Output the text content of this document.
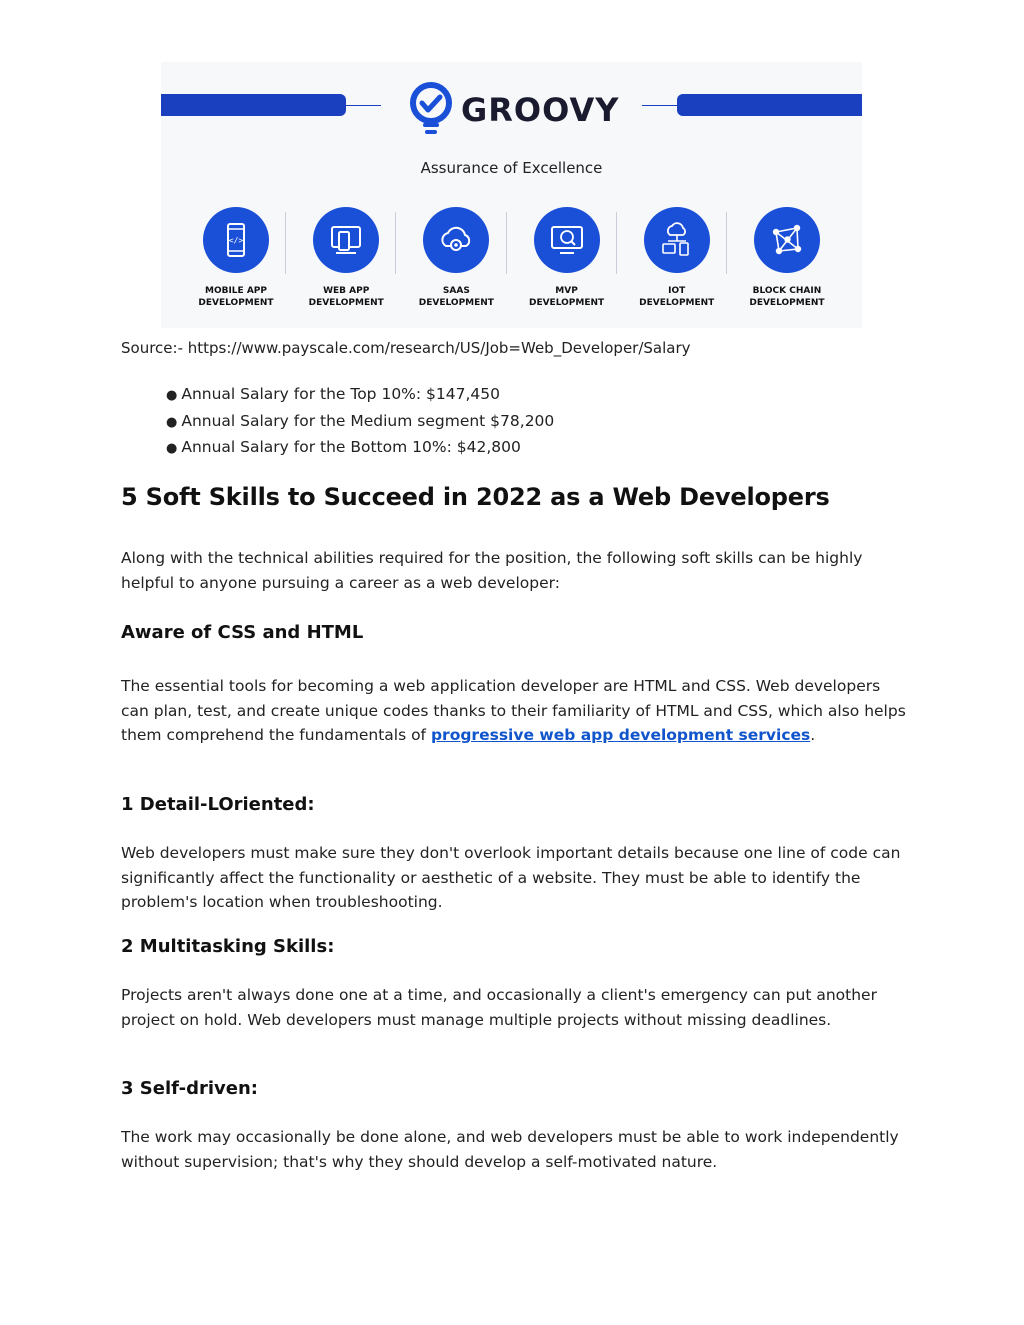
GROOVY
Assurance of Excellence
</>
MOBILE APP
DEVELOPMENT
WEB APP
DEVELOPMENT
SAAS
DEVELOPMENT
MVP
DEVELOPMENT
IOT
DEVELOPMENT
BLOCK CHAIN
DEVELOPMENT
Source:- https://www.payscale.com/research/US/Job=Web_Developer/Salary
● Annual Salary for the Top 10%: $147,450
● Annual Salary for the Medium segment $78,200
● Annual Salary for the Bottom 10%: $42,800
5 Soft Skills to Succeed in 2022 as a Web Developers

Along with the technical abilities required for the position, the following soft skills can be highly helpful to anyone pursuing a career as a web developer:

Aware of CSS and HTML

The essential tools for becoming a web application developer are HTML and CSS. Web developers can plan, test, and create unique codes thanks to their familiarity of HTML and CSS, which also helps them comprehend the fundamentals of progressive web app development services.

1 Detail-LOriented:

Web developers must make sure they don't overlook important details because one line of code can significantly affect the functionality or aesthetic of a website. They must be able to identify the problem's location when troubleshooting.

2 Multitasking Skills:

Projects aren't always done one at a time, and occasionally a client's emergency can put another project on hold. Web developers must manage multiple projects without missing deadlines.

3 Self-driven:

The work may occasionally be done alone, and web developers must be able to work independently without supervision; that's why they should develop a self-motivated nature.
